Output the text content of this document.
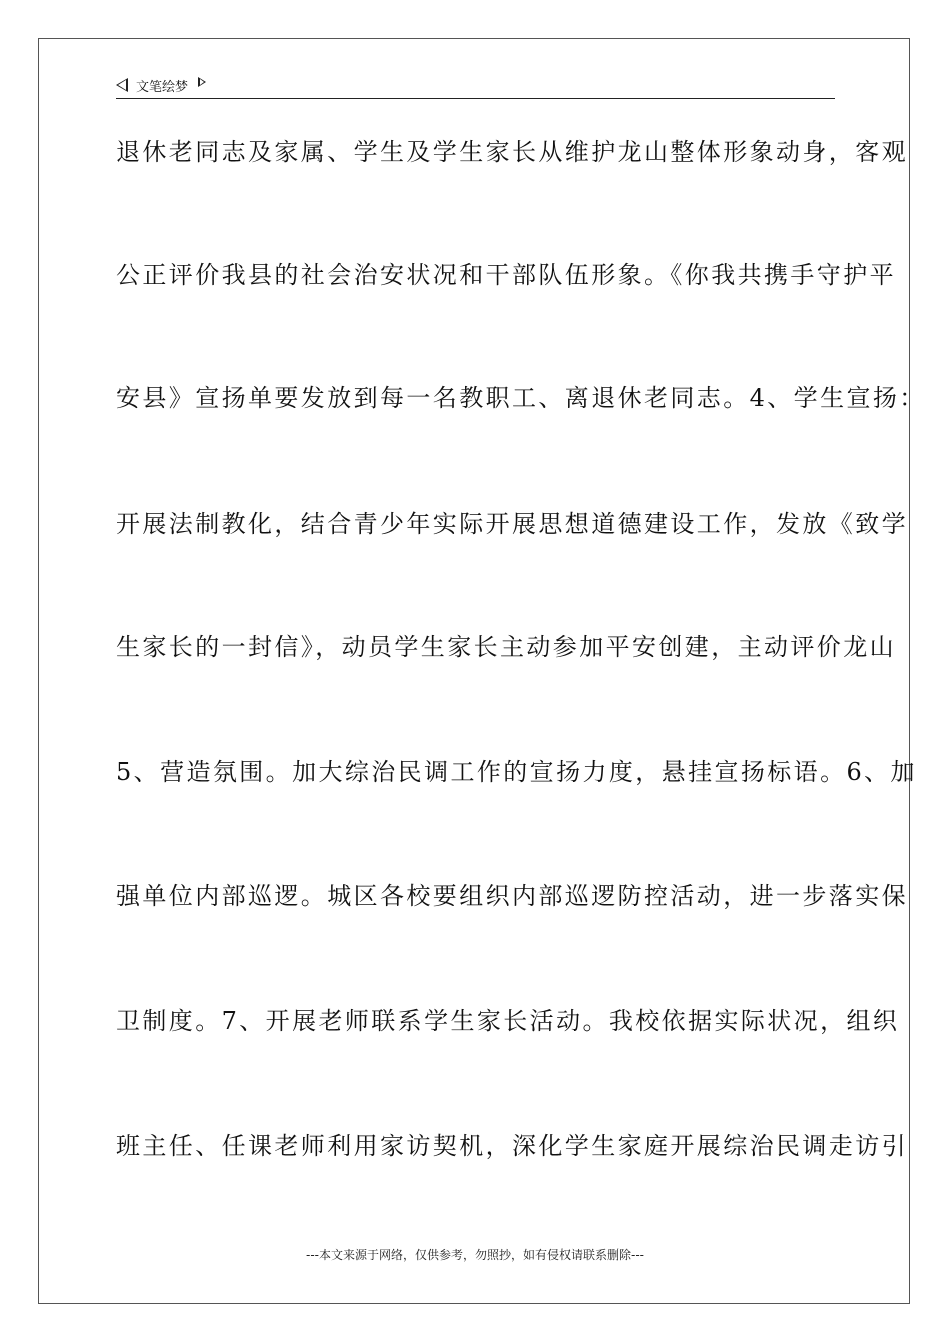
文笔绘梦
退休老同志及家属、学生及学生家长从维护龙山整体形象动身，客观
公正评价我县的社会治安状况和干部队伍形象。《你我共携手守护平
安县》宣扬单要发放到每一名教职工、离退休老同志。4、学生宣扬：
开展法制教化，结合青少年实际开展思想道德建设工作，发放《致学
生家长的一封信》，动员学生家长主动参加平安创建，主动评价龙山
5、营造氛围。加大综治民调工作的宣扬力度，悬挂宣扬标语。6、加
强单位内部巡逻。城区各校要组织内部巡逻防控活动，进一步落实保
卫制度。7、开展老师联系学生家长活动。我校依据实际状况，组织
班主任、任课老师利用家访契机，深化学生家庭开展综治民调走访引
---本文来源于网络，仅供参考，勿照抄，如有侵权请联系删除---
